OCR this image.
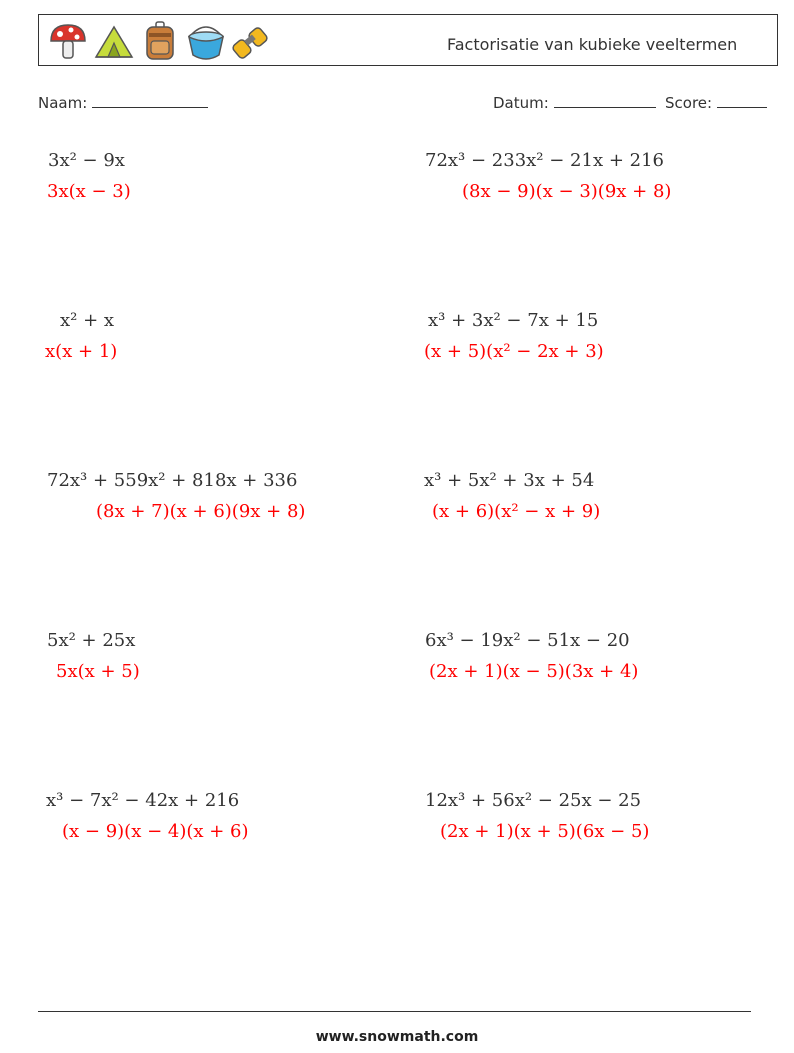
Factorisatie van kubieke veeltermen
Naam:	Datum:	Score:
3x² − 9x
3x(x − 3)
x² + x
x(x + 1)
72x³ + 559x² + 818x + 336
(8x + 7)(x + 6)(9x + 8)
5x² + 25x
5x(x + 5)
x³ − 7x² − 42x + 216
(x − 9)(x − 4)(x + 6)
72x³ − 233x² − 21x + 216
(8x − 9)(x − 3)(9x + 8)
x³ + 3x² − 7x + 15
(x + 5)(x² − 2x + 3)
x³ + 5x² + 3x + 54
(x + 6)(x² − x + 9)
6x³ − 19x² − 51x − 20
(2x + 1)(x − 5)(3x + 4)
12x³ + 56x² − 25x − 25
(2x + 1)(x + 5)(6x − 5)
www.snowmath.com
